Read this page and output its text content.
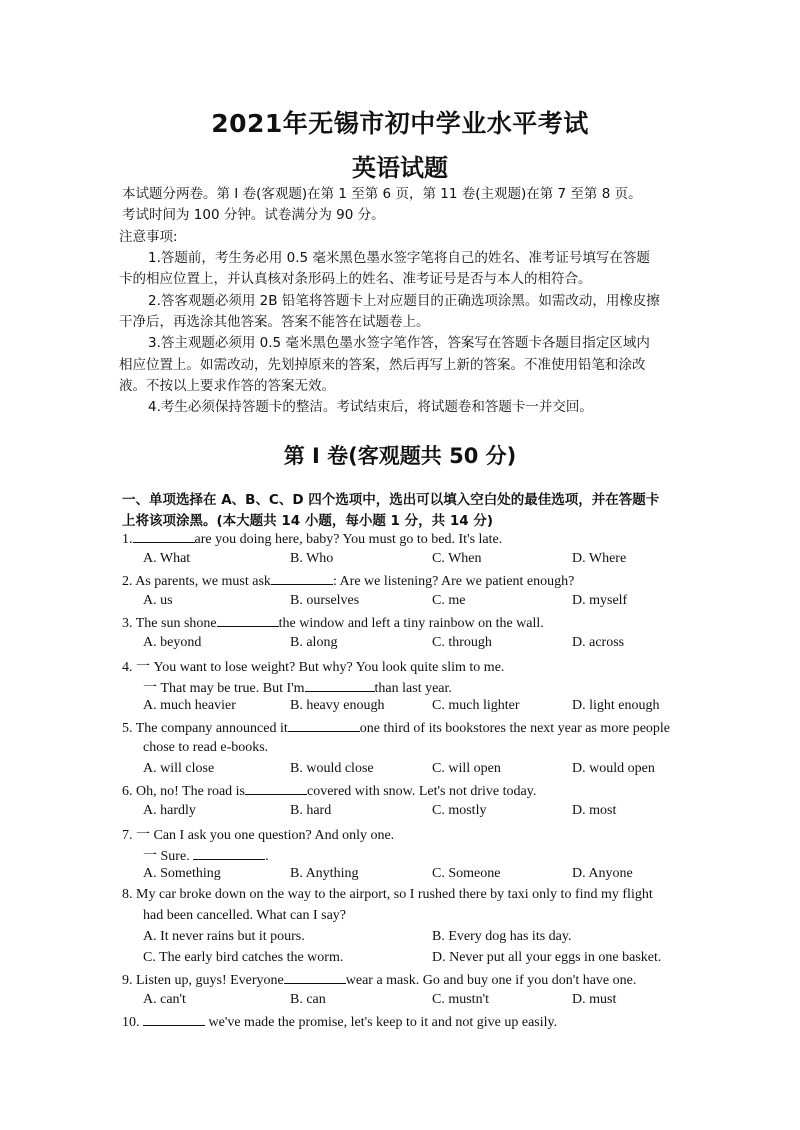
2021年无锡市初中学业水平考试
英语试题
本试题分两卷。第 I 卷(客观题)在第 1 至第 6 页，第 11 卷(主观题)在第 7 至第 8 页。
考试时间为 100 分钟。试卷满分为 90 分。
注意事项:
1.答题前，考生务必用 0.5 毫米黑色墨水签字笔将自己的姓名、准考证号填写在答题
卡的相应位置上，并认真核对条形码上的姓名、准考证号是否与本人的相符合。
2.答客观题必须用 2B 铅笔将答题卡上对应题目的正确选项涂黑。如需改动，用橡皮擦
干净后，再选涂其他答案。答案不能答在试题卷上。
3.答主观题必须用 0.5 毫米黑色墨水签字笔作答，答案写在答题卡各题目指定区域内
相应位置上。如需改动，先划掉原来的答案，然后再写上新的答案。不准使用铅笔和涂改
液。不按以上要求作答的答案无效。
4.考生必须保持答题卡的整洁。考试结束后，将试题卷和答题卡一并交回。
第 I 卷(客观题共 50 分)
一、单项选择在 A、B、C、D 四个选项中，选出可以填入空白处的最佳选项，并在答题卡
上将该项涂黑。(本大题共 14 小题，每小题 1 分，共 14 分)
1.	are you doing here, baby? You must go to bed. It's late.
A. What	B. Who	C. When	D. Where
2. As parents, we must ask	: Are we listening? Are we patient enough?
A. us	B. ourselves	C. me	D. myself
3. The sun shone	the window and left a tiny rainbow on the wall.
A. beyond	B. along	C. through	D. across
4. 一 You want to lose weight? But why? You look quite slim to me.
一 That may be true. But I'm	than last year.
A. much heavier	B. heavy enough	C. much lighter	D. light enough
5. The company announced it	one third of its bookstores the next year as more people
chose to read e-books.
A. will close	B. would close	C. will open	D. would open
6. Oh, no! The road is	covered with snow. Let's not drive today.
A. hardly	B. hard	C. mostly	D. most
7. 一 Can I ask you one question? And only one.
一 Sure.	.
A. Something	B. Anything	C. Someone	D. Anyone
8. My car broke down on the way to the airport, so I rushed there by taxi only to find my flight
had been cancelled. What can I say?
A. It never rains but it pours.	B. Every dog has its day.
C. The early bird catches the worm.	D. Never put all your eggs in one basket.
9. Listen up, guys! Everyone	wear a mask. Go and buy one if you don't have one.
A. can't	B. can	C. mustn't	D. must
10.	we've made the promise, let's keep to it and not give up easily.
